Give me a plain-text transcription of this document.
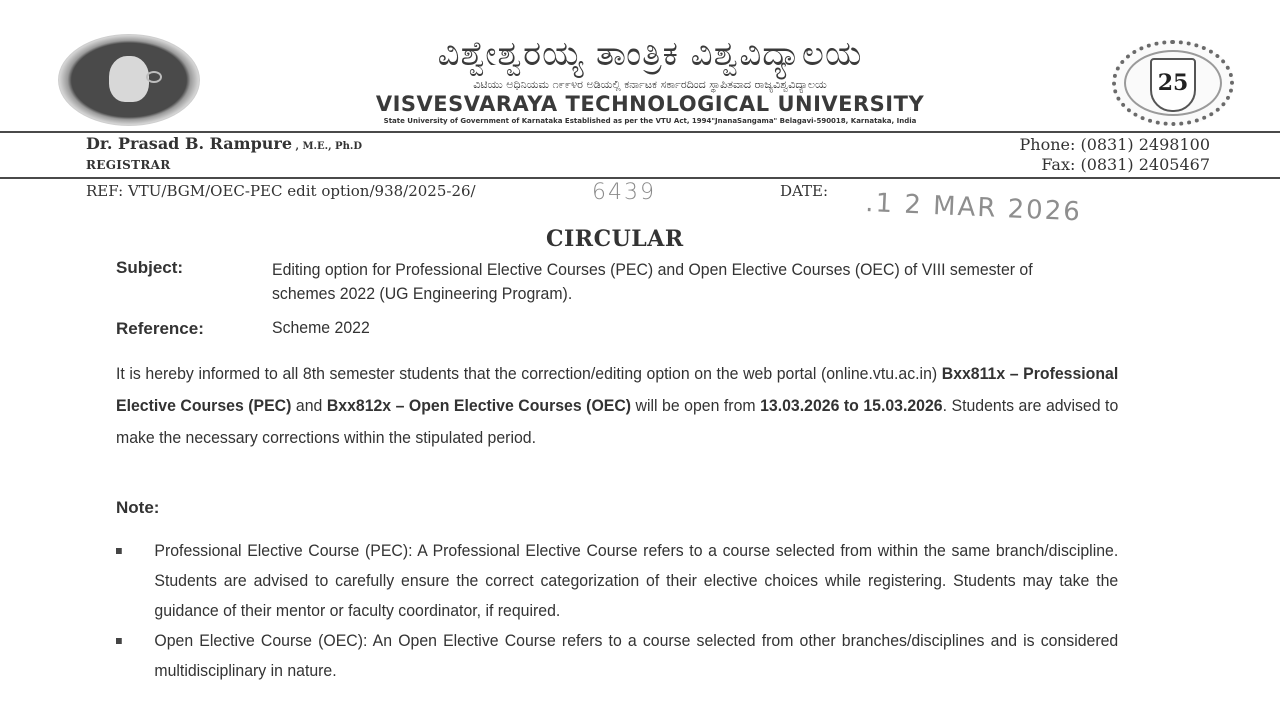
ವಿಶ್ವೇಶ್ವರಯ್ಯ ತಾಂತ್ರಿಕ ವಿಶ್ವವಿದ್ಯಾಲಯ
ವಿಟಿಯು ಅಧಿನಿಯಮ ೧೯೯೪ರ ಅಡಿಯಲ್ಲಿ ಕರ್ನಾಟಕ ಸರ್ಕಾರದಿಂದ ಸ್ಥಾಪಿತವಾದ ರಾಜ್ಯವಿಶ್ವವಿದ್ಯಾಲಯ
VISVESVARAYA TECHNOLOGICAL UNIVERSITY
State University of Government of Karnataka Established as per the VTU Act, 1994"JnanaSangama" Belagavi-590018, Karnataka, India
25
Dr. Prasad B. Rampure , M.E., Ph.D
REGISTRAR
Phone: (0831) 2498100
Fax: (0831) 2405467
REF: VTU/BGM/OEC-PEC edit option/938/2025-26/	6439	DATE: .1 2 MAR 2026
CIRCULAR
Subject:	Editing option for Professional Elective Courses (PEC) and Open Elective Courses (OEC) of VIII semester of schemes 2022 (UG Engineering Program).
Reference:	Scheme 2022
It is hereby informed to all 8th semester students that the correction/editing option on the web portal (online.vtu.ac.in) Bxx811x – Professional Elective Courses (PEC) and Bxx812x – Open Elective Courses (OEC) will be open from 13.03.2026 to 15.03.2026. Students are advised to make the necessary corrections within the stipulated period.
Note:
Professional Elective Course (PEC): A Professional Elective Course refers to a course selected from within the same branch/discipline. Students are advised to carefully ensure the correct categorization of their elective choices while registering. Students may take the guidance of their mentor or faculty coordinator, if required.
Open Elective Course (OEC): An Open Elective Course refers to a course selected from other branches/disciplines and is considered multidisciplinary in nature.
